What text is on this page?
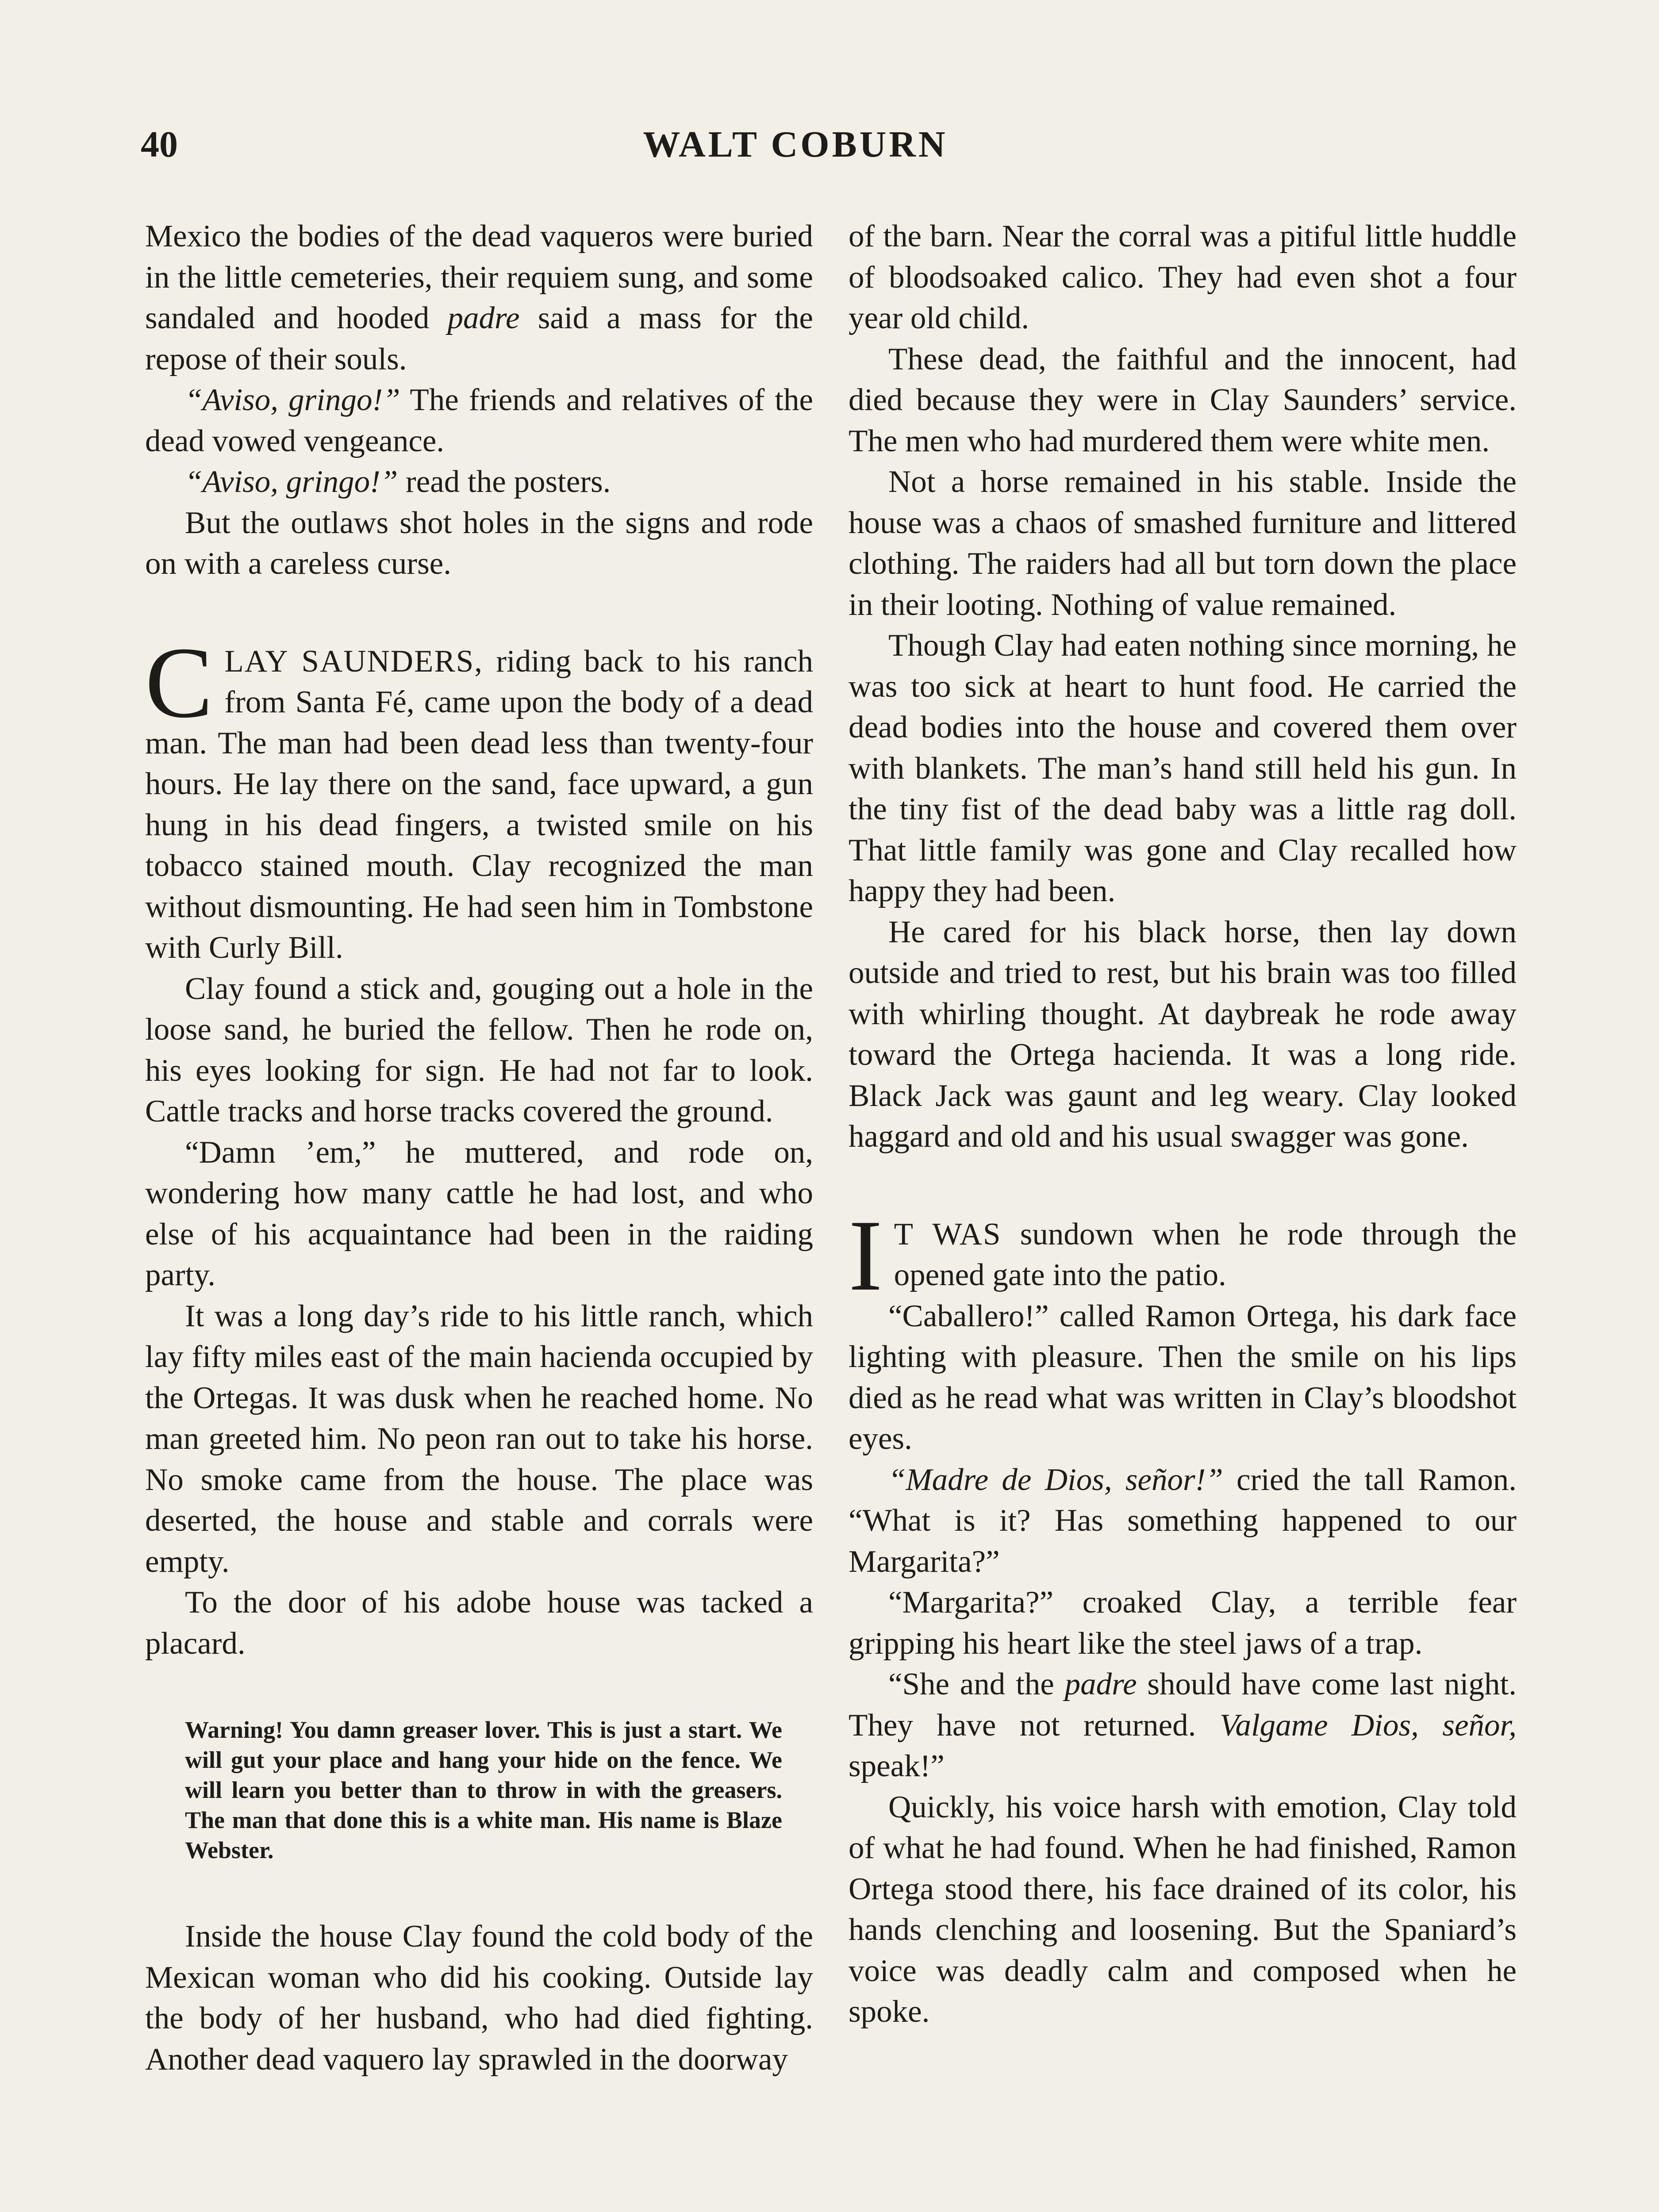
40	WALT COBURN

Mexico the bodies of the dead vaqueros were buried in the little cemeteries, their requiem sung, and some sandaled and hooded padre said a mass for the repose of their souls.

“Aviso, gringo!” The friends and relatives of the dead vowed vengeance.

“Aviso, gringo!” read the posters.

But the outlaws shot holes in the signs and rode on with a careless curse.

CLAY SAUNDERS, riding back to his ranch from Santa Fé, came upon the body of a dead man. The man had been dead less than twenty-four hours. He lay there on the sand, face upward, a gun hung in his dead fingers, a twisted smile on his tobacco stained mouth. Clay recognized the man without dismounting. He had seen him in Tombstone with Curly Bill.

Clay found a stick and, gouging out a hole in the loose sand, he buried the fellow. Then he rode on, his eyes looking for sign. He had not far to look. Cattle tracks and horse tracks covered the ground.

“Damn ’em,” he muttered, and rode on, wondering how many cattle he had lost, and who else of his acquaintance had been in the raiding party.

It was a long day’s ride to his little ranch, which lay fifty miles east of the main hacienda occupied by the Ortegas. It was dusk when he reached home. No man greeted him. No peon ran out to take his horse. No smoke came from the house. The place was deserted, the house and stable and corrals were empty.

To the door of his adobe house was tacked a placard.

Warning! You damn greaser lover. This is just a start. We will gut your place and hang your hide on the fence. We will learn you better than to throw in with the greasers. The man that done this is a white man. His name is Blaze Webster.

Inside the house Clay found the cold body of the Mexican woman who did his cooking. Outside lay the body of her husband, who had died fighting. Another dead vaquero lay sprawled in the doorway

of the barn. Near the corral was a pitiful little huddle of bloodsoaked calico. They had even shot a four year old child.

These dead, the faithful and the innocent, had died because they were in Clay Saunders’ service. The men who had murdered them were white men.

Not a horse remained in his stable. Inside the house was a chaos of smashed furniture and littered clothing. The raiders had all but torn down the place in their looting. Nothing of value remained.

Though Clay had eaten nothing since morning, he was too sick at heart to hunt food. He carried the dead bodies into the house and covered them over with blankets. The man’s hand still held his gun. In the tiny fist of the dead baby was a little rag doll. That little family was gone and Clay recalled how happy they had been.

He cared for his black horse, then lay down outside and tried to rest, but his brain was too filled with whirling thought. At daybreak he rode away toward the Ortega hacienda. It was a long ride. Black Jack was gaunt and leg weary. Clay looked haggard and old and his usual swagger was gone.

I T WAS sundown when he rode through the opened gate into the patio.

“Caballero!” called Ramon Ortega, his dark face lighting with pleasure. Then the smile on his lips died as he read what was written in Clay’s bloodshot eyes.

“Madre de Dios, señor!” cried the tall Ramon. “What is it? Has something happened to our Margarita?”

“Margarita?” croaked Clay, a terrible fear gripping his heart like the steel jaws of a trap.

“She and the padre should have come last night. They have not returned. Valgame Dios, señor, speak!”

Quickly, his voice harsh with emotion, Clay told of what he had found. When he had finished, Ramon Ortega stood there, his face drained of its color, his hands clenching and loosening. But the Spaniard’s voice was deadly calm and composed when he spoke.
